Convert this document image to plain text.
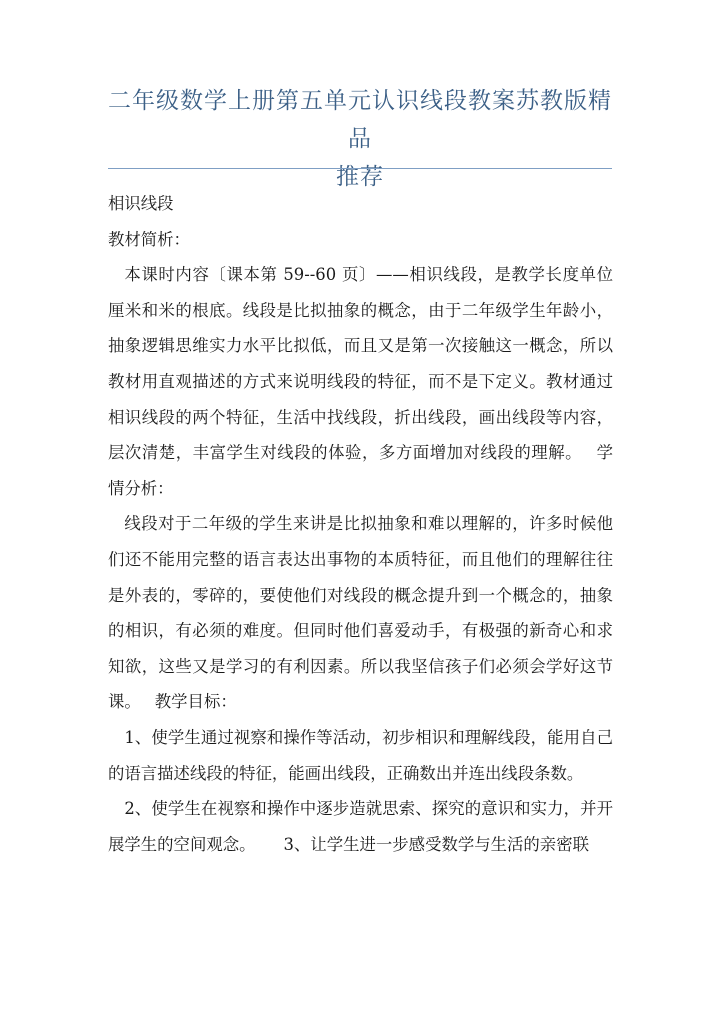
二年级数学上册第五单元认识线段教案苏教版精品
推荐

相识线段

教材简析：

本课时内容〔课本第 59--60 页〕——相识线段，是教学长度单位厘米和米的根底。线段是比拟抽象的概念，由于二年级学生年龄小，抽象逻辑思维实力水平比拟低，而且又是第一次接触这一概念，所以教材用直观描述的方式来说明线段的特征，而不是下定义。教材通过相识线段的两个特征，生活中找线段，折出线段，画出线段等内容，层次清楚，丰富学生对线段的体验，多方面增加对线段的理解。 学情分析：

线段对于二年级的学生来讲是比拟抽象和难以理解的，许多时候他们还不能用完整的语言表达出事物的本质特征，而且他们的理解往往是外表的，零碎的，要使他们对线段的概念提升到一个概念的，抽象的相识，有必须的难度。但同时他们喜爱动手，有极强的新奇心和求知欲，这些又是学习的有利因素。所以我坚信孩子们必须会学好这节课。 教学目标：

1、使学生通过视察和操作等活动，初步相识和理解线段，能用自己的语言描述线段的特征，能画出线段，正确数出并连出线段条数。

2、使学生在视察和操作中逐步造就思索、探究的意识和实力，并开展学生的空间观念。 3、让学生进一步感受数学与生活的亲密联
